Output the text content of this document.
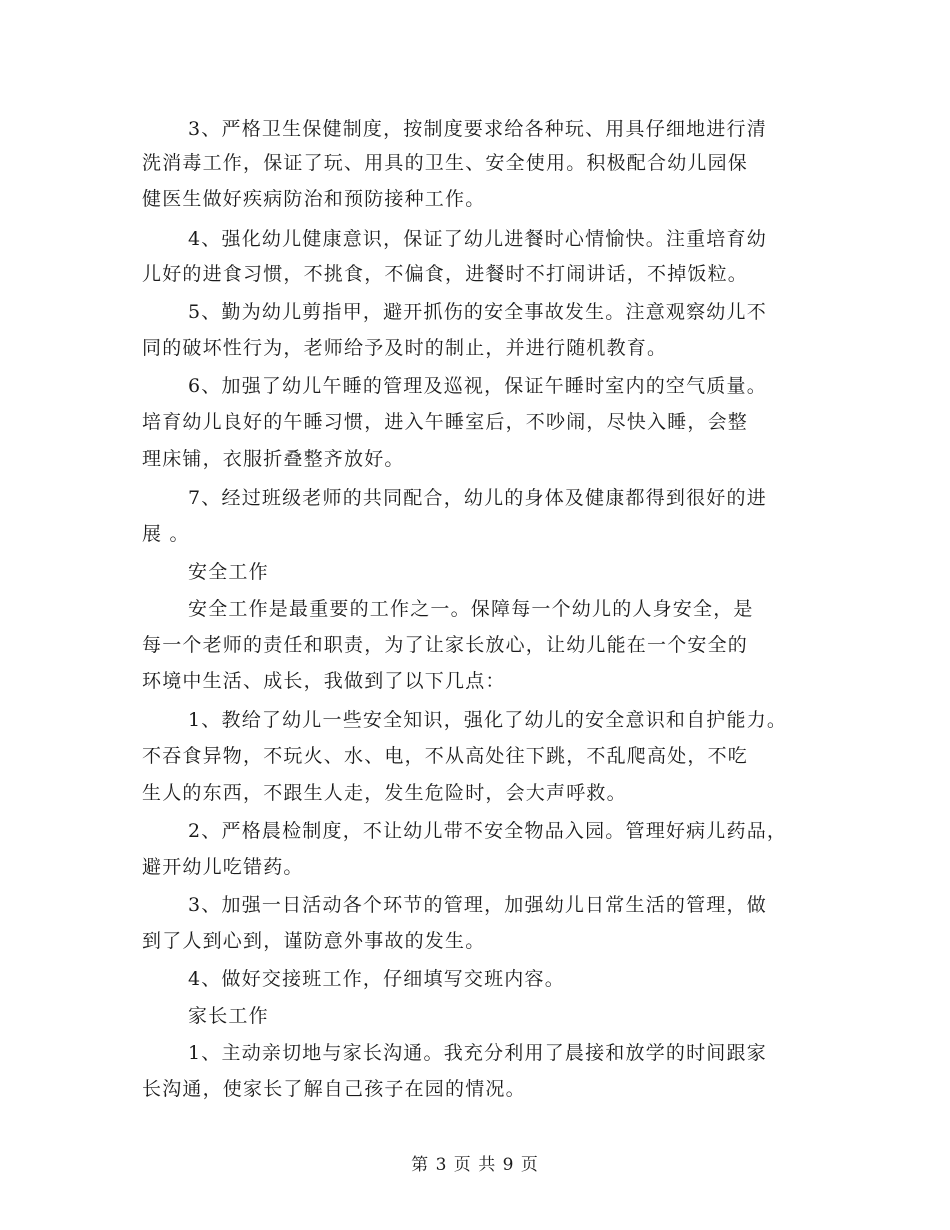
3、严格卫生保健制度，按制度要求给各种玩、用具仔细地进行清
洗消毒工作，保证了玩、用具的卫生、安全使用。积极配合幼儿园保
健医生做好疾病防治和预防接种工作。
4、强化幼儿健康意识，保证了幼儿进餐时心情愉快。注重培育幼
儿好的进食习惯，不挑食，不偏食，进餐时不打闹讲话，不掉饭粒。
5、勤为幼儿剪指甲，避开抓伤的安全事故发生。注意观察幼儿不
同的破坏性行为，老师给予及时的制止，并进行随机教育。
6、加强了幼儿午睡的管理及巡视，保证午睡时室内的空气质量。
培育幼儿良好的午睡习惯，进入午睡室后，不吵闹，尽快入睡，会整
理床铺，衣服折叠整齐放好。
7、经过班级老师的共同配合，幼儿的身体及健康都得到很好的进
展 。
安全工作
安全工作是最重要的工作之一。保障每一个幼儿的人身安全，是
每一个老师的责任和职责，为了让家长放心，让幼儿能在一个安全的
环境中生活、成长，我做到了以下几点：
1、教给了幼儿一些安全知识，强化了幼儿的安全意识和自护能力。
不吞食异物，不玩火、水、电，不从高处往下跳，不乱爬高处，不吃
生人的东西，不跟生人走，发生危险时，会大声呼救。
2、严格晨检制度，不让幼儿带不安全物品入园。管理好病儿药品，
避开幼儿吃错药。
3、加强一日活动各个环节的管理，加强幼儿日常生活的管理，做
到了人到心到，谨防意外事故的发生。
4、做好交接班工作，仔细填写交班内容。
家长工作
1、主动亲切地与家长沟通。我充分利用了晨接和放学的时间跟家
长沟通，使家长了解自己孩子在园的情况。
第 3 页 共 9 页
